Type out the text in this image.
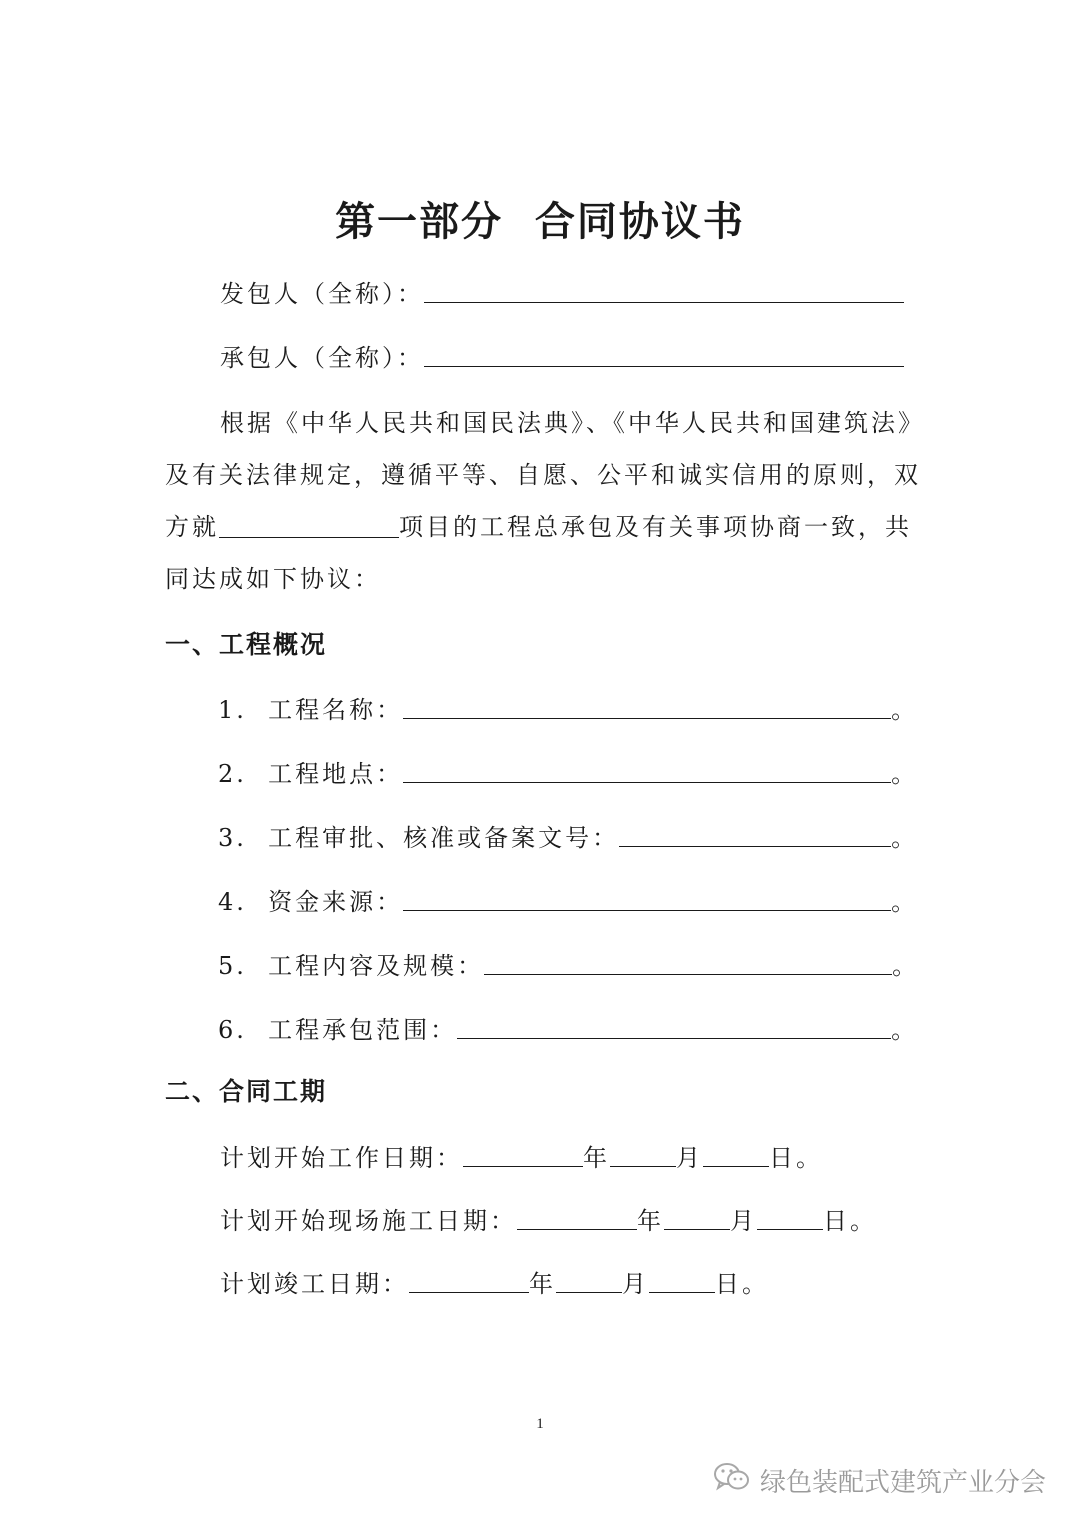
第一部分  合同协议书
发包人（全称）：
承包人（全称）：
根据《中华人民共和国民法典》、《中华人民共和国建筑法》
及有关法律规定，遵循平等、自愿、公平和诚实信用的原则，双
方就	项目的工程总承包及有关事项协商一致，共
同达成如下协议：
一、工程概况
1. 工程名称：	。
2. 工程地点：	。
3. 工程审批、核准或备案文号：	。
4. 资金来源：	。
5. 工程内容及规模：	。
6. 工程承包范围：	。
二、合同工期
计划开始工作日期：	年	月	日。
计划开始现场施工日期：	年	月	日。
计划竣工日期：	年	月	日。
1
绿色装配式建筑产业分会
